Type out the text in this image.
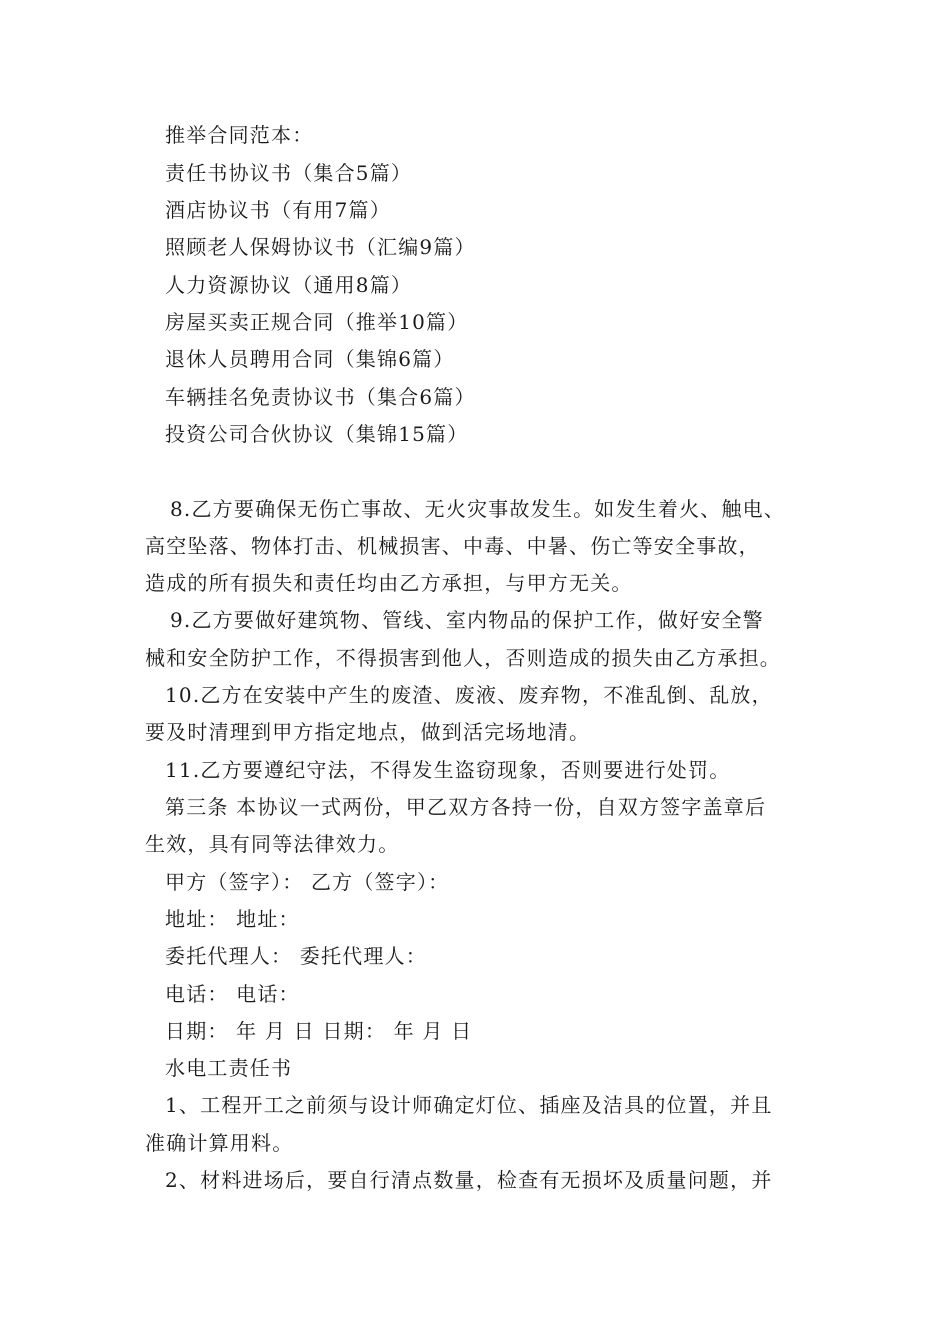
推举合同范本：
责任书协议书（集合5篇）
酒店协议书（有用7篇）
照顾老人保姆协议书（汇编9篇）
人力资源协议（通用8篇）
房屋买卖正规合同（推举10篇）
退休人员聘用合同（集锦6篇）
车辆挂名免责协议书（集合6篇）
投资公司合伙协议（集锦15篇）
8.乙方要确保无伤亡事故、无火灾事故发生。如发生着火、触电、
高空坠落、物体打击、机械损害、中毒、中暑、伤亡等安全事故，
造成的所有损失和责任均由乙方承担，与甲方无关。
9.乙方要做好建筑物、管线、室内物品的保护工作，做好安全警
械和安全防护工作，不得损害到他人，否则造成的损失由乙方承担。
10.乙方在安装中产生的废渣、废液、废弃物，不准乱倒、乱放，
要及时清理到甲方指定地点，做到活完场地清。
11.乙方要遵纪守法，不得发生盗窃现象，否则要进行处罚。
第三条 本协议一式两份，甲乙双方各持一份，自双方签字盖章后
生效，具有同等法律效力。
甲方（签字）： 乙方（签字）：
地址： 地址：
委托代理人： 委托代理人：
电话： 电话：
日期： 年 月 日 日期： 年 月 日
水电工责任书
1、工程开工之前须与设计师确定灯位、插座及洁具的位置，并且
准确计算用料。
2、材料进场后，要自行清点数量，检查有无损坏及质量问题，并
